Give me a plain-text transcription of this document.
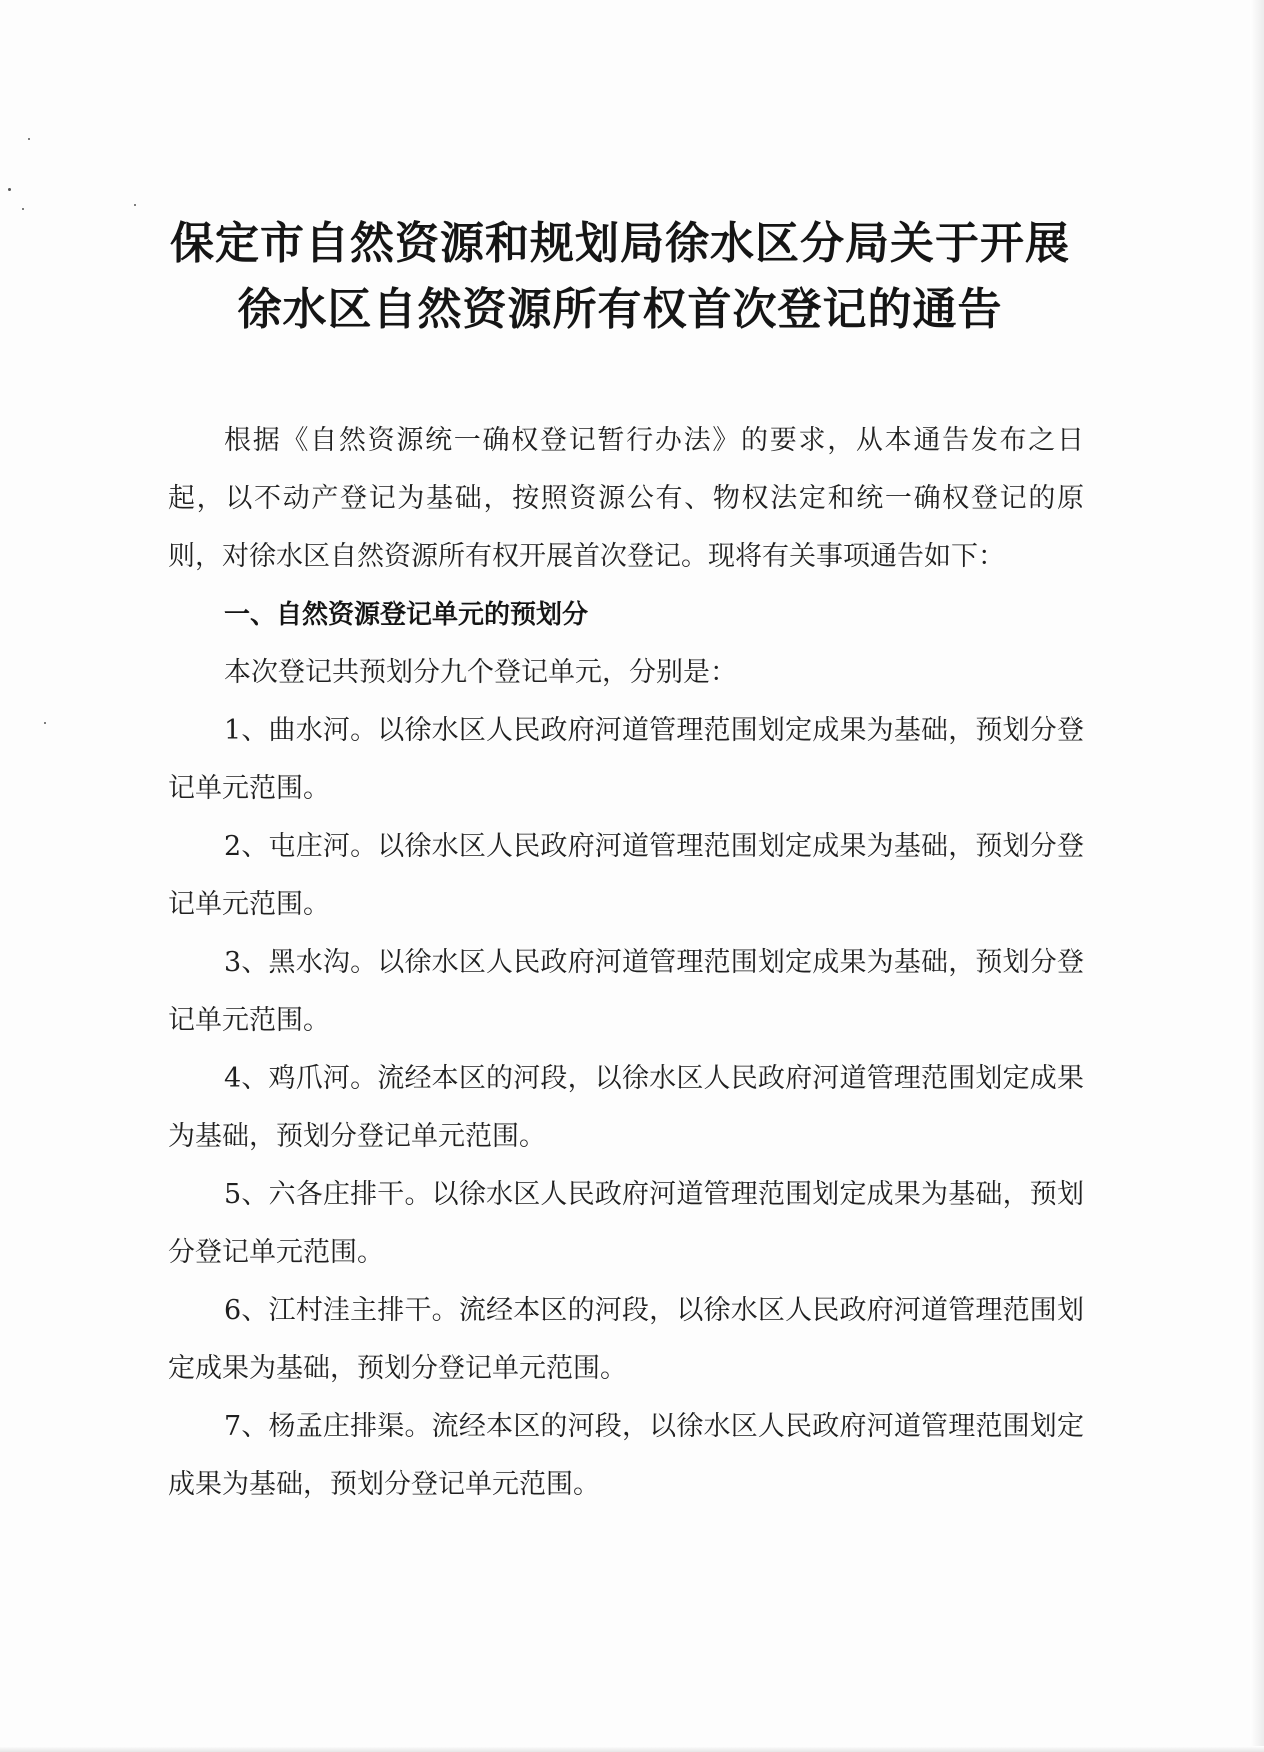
保定市自然资源和规划局徐水区分局关于开展
徐水区自然资源所有权首次登记的通告
根据《自然资源统一确权登记暂行办法》的要求，从本通告发布之日起，以不动产登记为基础，按照资源公有、物权法定和统一确权登记的原则，对徐水区自然资源所有权开展首次登记。现将有关事项通告如下：
一、自然资源登记单元的预划分
本次登记共预划分九个登记单元，分别是：
1、曲水河。以徐水区人民政府河道管理范围划定成果为基础，预划分登记单元范围。
2、屯庄河。以徐水区人民政府河道管理范围划定成果为基础，预划分登记单元范围。
3、黑水沟。以徐水区人民政府河道管理范围划定成果为基础，预划分登记单元范围。
4、鸡爪河。流经本区的河段，以徐水区人民政府河道管理范围划定成果为基础，预划分登记单元范围。
5、六各庄排干。以徐水区人民政府河道管理范围划定成果为基础，预划分登记单元范围。
6、江村洼主排干。流经本区的河段，以徐水区人民政府河道管理范围划定成果为基础，预划分登记单元范围。
7、杨孟庄排渠。流经本区的河段，以徐水区人民政府河道管理范围划定成果为基础，预划分登记单元范围。
